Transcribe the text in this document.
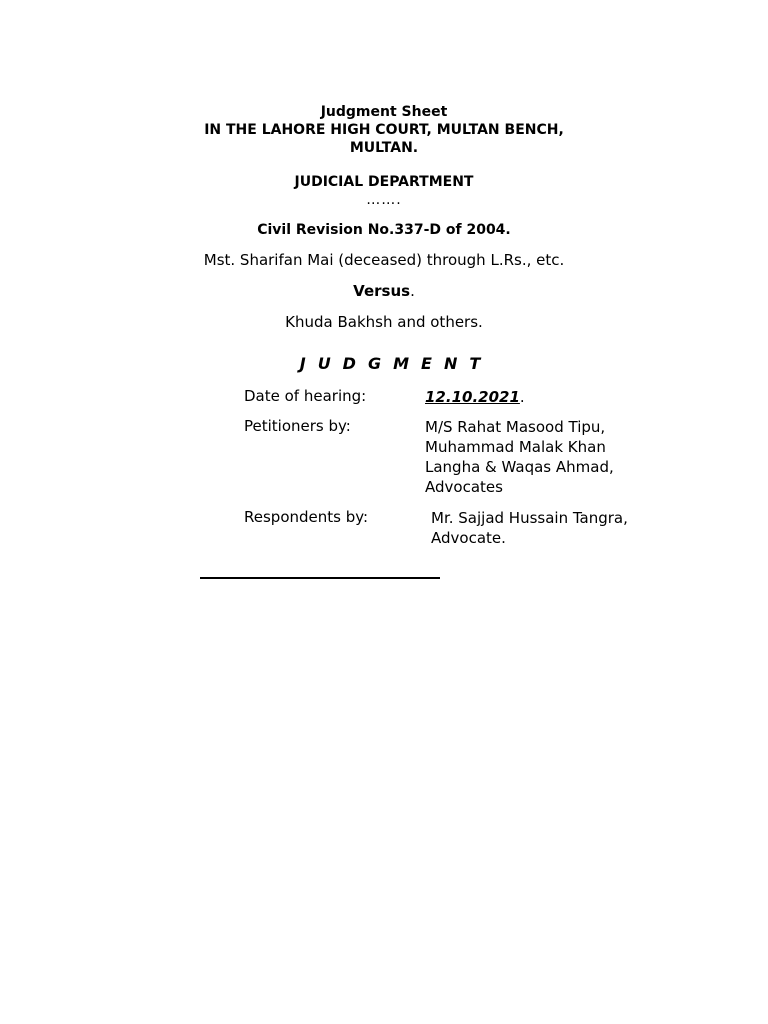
Judgment Sheet
IN THE LAHORE HIGH COURT, MULTAN BENCH,
MULTAN.
JUDICIAL DEPARTMENT
…….
Civil Revision No.337-D of 2004.
Mst. Sharifan Mai (deceased) through L.Rs., etc.
Versus.
Khuda Bakhsh and others.
JUDGMENT
Date of hearing:	12.10.2021.
Petitioners by:	M/S Rahat Masood Tipu,
Muhammad Malak Khan
Langha & Waqas Ahmad,
Advocates
Respondents by:	Mr. Sajjad Hussain Tangra,
Advocate.
